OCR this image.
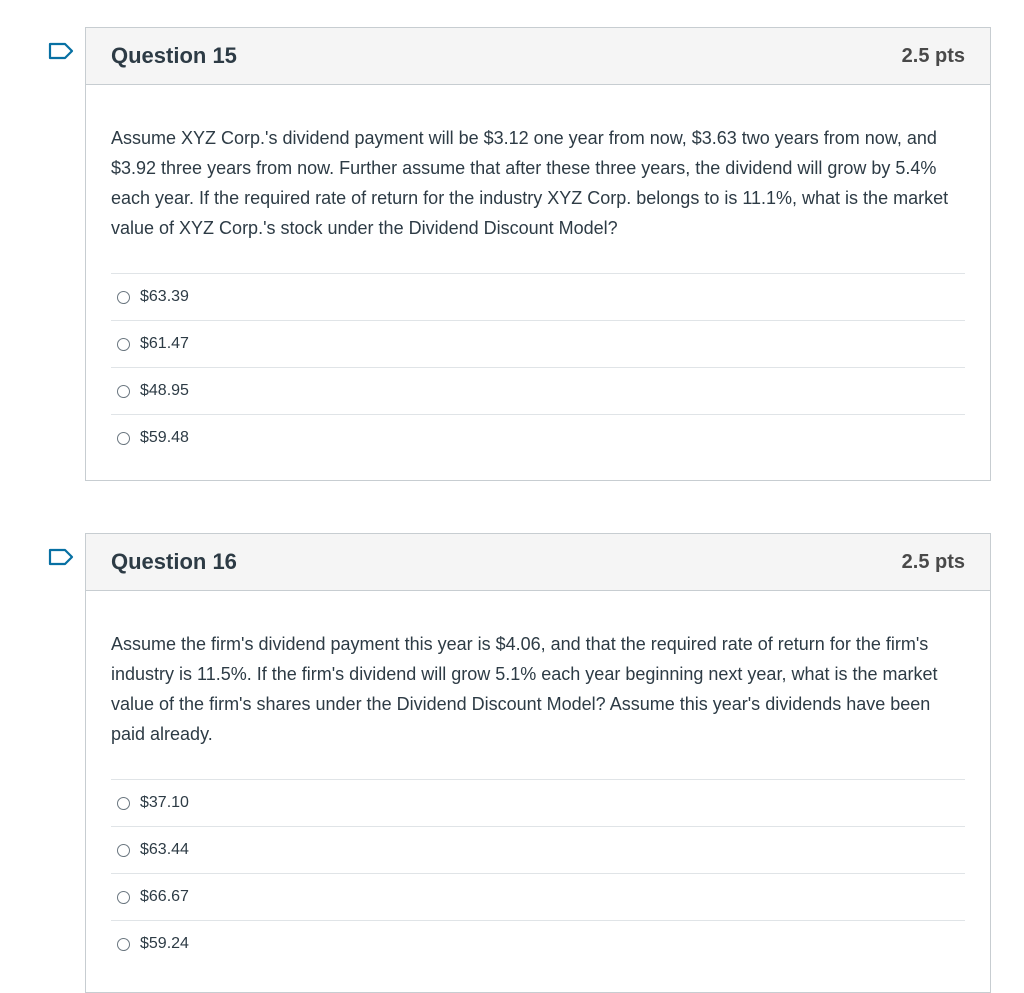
Question 15	2.5 pts

Assume XYZ Corp.'s dividend payment will be $3.12 one year from now, $3.63 two years from now, and $3.92 three years from now. Further assume that after these three years, the dividend will grow by 5.4% each year. If the required rate of return for the industry XYZ Corp. belongs to is 11.1%, what is the market value of XYZ Corp.'s stock under the Dividend Discount Model?

$63.39
$61.47
$48.95
$59.48
Question 16	2.5 pts

Assume the firm's dividend payment this year is $4.06, and that the required rate of return for the firm's industry is 11.5%. If the firm's dividend will grow 5.1% each year beginning next year, what is the market value of the firm's shares under the Dividend Discount Model? Assume this year's dividends have been paid already.

$37.10
$63.44
$66.67
$59.24
